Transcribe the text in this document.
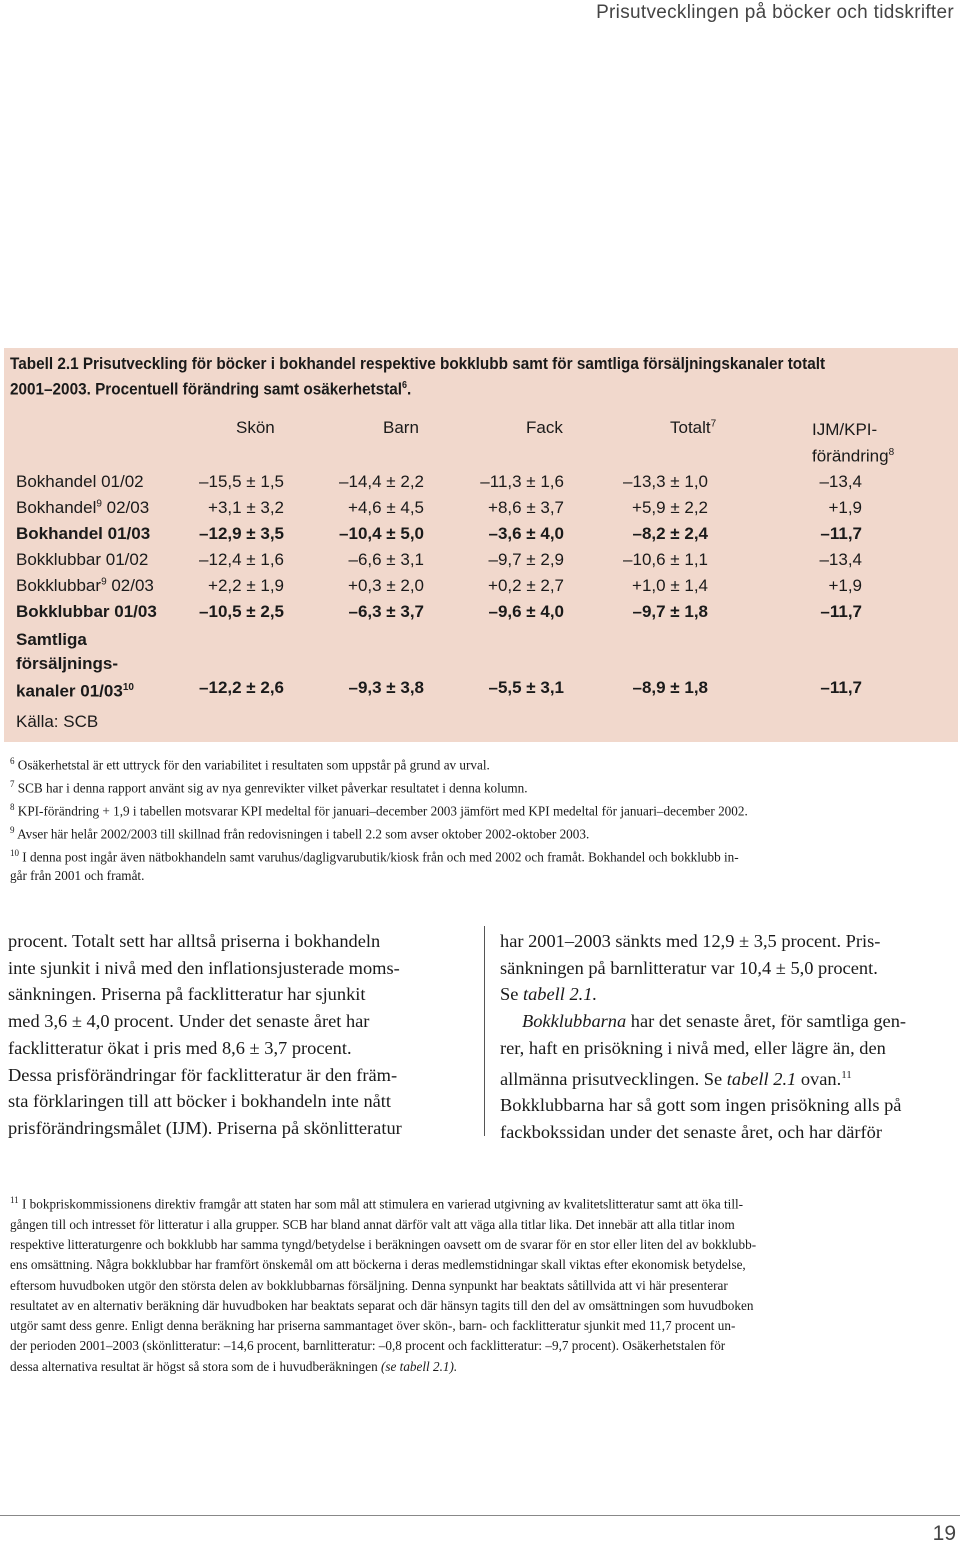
Prisutvecklingen på böcker och tidskrifter
Tabell 2.1 Prisutveckling för böcker i bokhandel respektive bokklubb samt för samtliga försäljningskanaler totalt 2001–2003. Procentuell förändring samt osäkerhetstal$^6$.
Skön	Barn	Fack	Totalt$^7$	IJM/KPI-
förändring$^8$
Bokhandel 01/02	–15,5 ± 1,5	–14,4 ± 2,2	–11,3 ± 1,6	–13,3 ± 1,0	–13,4
Bokhandel$^9$ 02/03	+3,1 ± 3,2	+4,6 ± 4,5	+8,6 ± 3,7	+5,9 ± 2,2	+1,9
Bokhandel 01/03	–12,9 ± 3,5	–10,4 ± 5,0	–3,6 ± 4,0	–8,2 ± 2,4	–11,7
Bokklubbar 01/02	–12,4 ± 1,6	–6,6 ± 3,1	–9,7 ± 2,9	–10,6 ± 1,1	–13,4
Bokklubbar$^9$ 02/03	+2,2 ± 1,9	+0,3 ± 2,0	+0,2 ± 2,7	+1,0 ± 1,4	+1,9
Bokklubbar 01/03	–10,5 ± 2,5	–6,3 ± 3,7	–9,6 ± 4,0	–9,7 ± 1,8	–11,7
Samtliga
försäljnings-
kanaler $01/03^{10}$	–12,2 ± 2,6	–9,3 ± 3,8	–5,5 ± 3,1	–8,9 ± 1,8	–11,7
Källa: SCB

$^6$ Osäkerhetstal är ett uttryck för den variabilitet i resultaten som uppstår på grund av urval.

$^7$ SCB har i denna rapport använt sig av nya genrevikter vilket påverkar resultatet i denna kolumn.

$^8$ KPI-förändring + 1,9 i tabellen motsvarar KPI medeltal för januari–december 2003 jämfört med KPI medeltal för januari–december 2002.

$^9$ Avser här helår 2002/2003 till skillnad från redovisningen i tabell 2.2 som avser oktober 2002-oktober 2003.

$^{10}$ I denna post ingår även nätbokhandeln samt varuhus/dagligvarubutik/kiosk från och med 2002 och framåt. Bokhandel och bokklubb in-
går från 2001 och framåt.

procent. Totalt sett har alltså priserna i bokhandeln

inte sjunkit i nivå med den inflationsjusterade moms-

sänkningen. Priserna på facklitteratur har sjunkit

med 3,6 ± 4,0 procent. Under det senaste året har

facklitteratur ökat i pris med 8,6 ± 3,7 procent.

Dessa prisförändringar för facklitteratur är den främ-

sta förklaringen till att böcker i bokhandeln inte nått

prisförändringsmålet (IJM). Priserna på skönlitteratur

har 2001–2003 sänkts med 12,9 ± 3,5 procent. Pris-

sänkningen på barnlitteratur var 10,4 ± 5,0 procent.

Se tabell 2.1.

Bokklubbarna har det senaste året, för samtliga gen-

rer, haft en prisökning i nivå med, eller lägre än, den

allmänna prisutvecklingen. Se tabell 2.1 ovan.$^{11}$

Bokklubbarna har så gott som ingen prisökning alls på

fackbokssidan under det senaste året, och har därför

$^{11}$ I bokpriskommissionens direktiv framgår att staten har som mål att stimulera en varierad utgivning av kvalitetslitteratur samt att öka till-

gången till och intresset för litteratur i alla grupper. SCB har bland annat därför valt att väga alla titlar lika. Det innebär att alla titlar inom

respektive litteraturgenre och bokklubb har samma tyngd/betydelse i beräkningen oavsett om de svarar för en stor eller liten del av bokklubb-

ens omsättning. Några bokklubbar har framfört önskemål om att böckerna i deras medlemstidningar skall viktas efter ekonomisk betydelse,

eftersom huvudboken utgör den största delen av bokklubbarnas försäljning. Denna synpunkt har beaktats såtillvida att vi här presenterar

resultatet av en alternativ beräkning där huvudboken har beaktats separat och där hänsyn tagits till den del av omsättningen som huvudboken

utgör samt dess genre. Enligt denna beräkning har priserna sammantaget över skön-, barn- och facklitteratur sjunkit med 11,7 procent un-

der perioden 2001–2003 (skönlitteratur: –14,6 procent, barnlitteratur: –0,8 procent och facklitteratur: –9,7 procent). Osäkerhetstalen för

dessa alternativa resultat är högst så stora som de i huvudberäkningen (se tabell 2.1).

19
